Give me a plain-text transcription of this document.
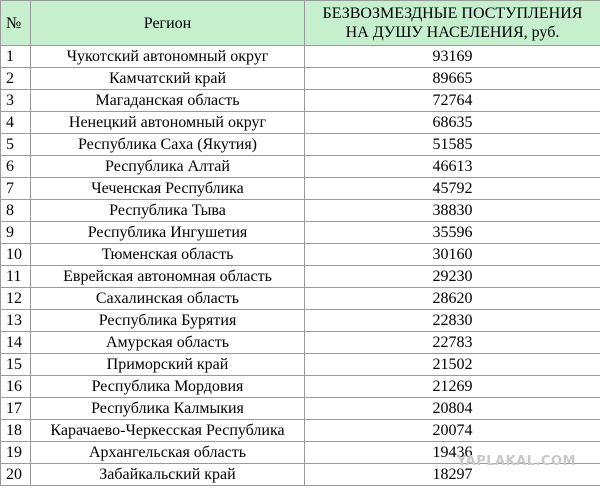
№	Регион	БЕЗВОЗМЕЗДНЫЕ ПОСТУПЛЕНИЯ
НА ДУШУ НАСЕЛЕНИЯ, руб.
1	Чукотский автономный округ	93169
2	Камчатский край	89665
3	Магаданская область	72764
4	Ненецкий автономный округ	68635
5	Республика Саха (Якутия)	51585
6	Республика Алтай	46613
7	Чеченская Республика	45792
8	Республика Тыва	38830
9	Республика Ингушетия	35596
10	Тюменская область	30160
11	Еврейская автономная область	29230
12	Сахалинская область	28620
13	Республика Бурятия	22830
14	Амурская область	22783
15	Приморский край	21502
16	Республика Мордовия	21269
17	Республика Калмыкия	20804
18	Карачаево-Черкесская Республика	20074
19	Архангельская область	19436
20	Забайкальский край	18297
YAPLAKAL.COM
